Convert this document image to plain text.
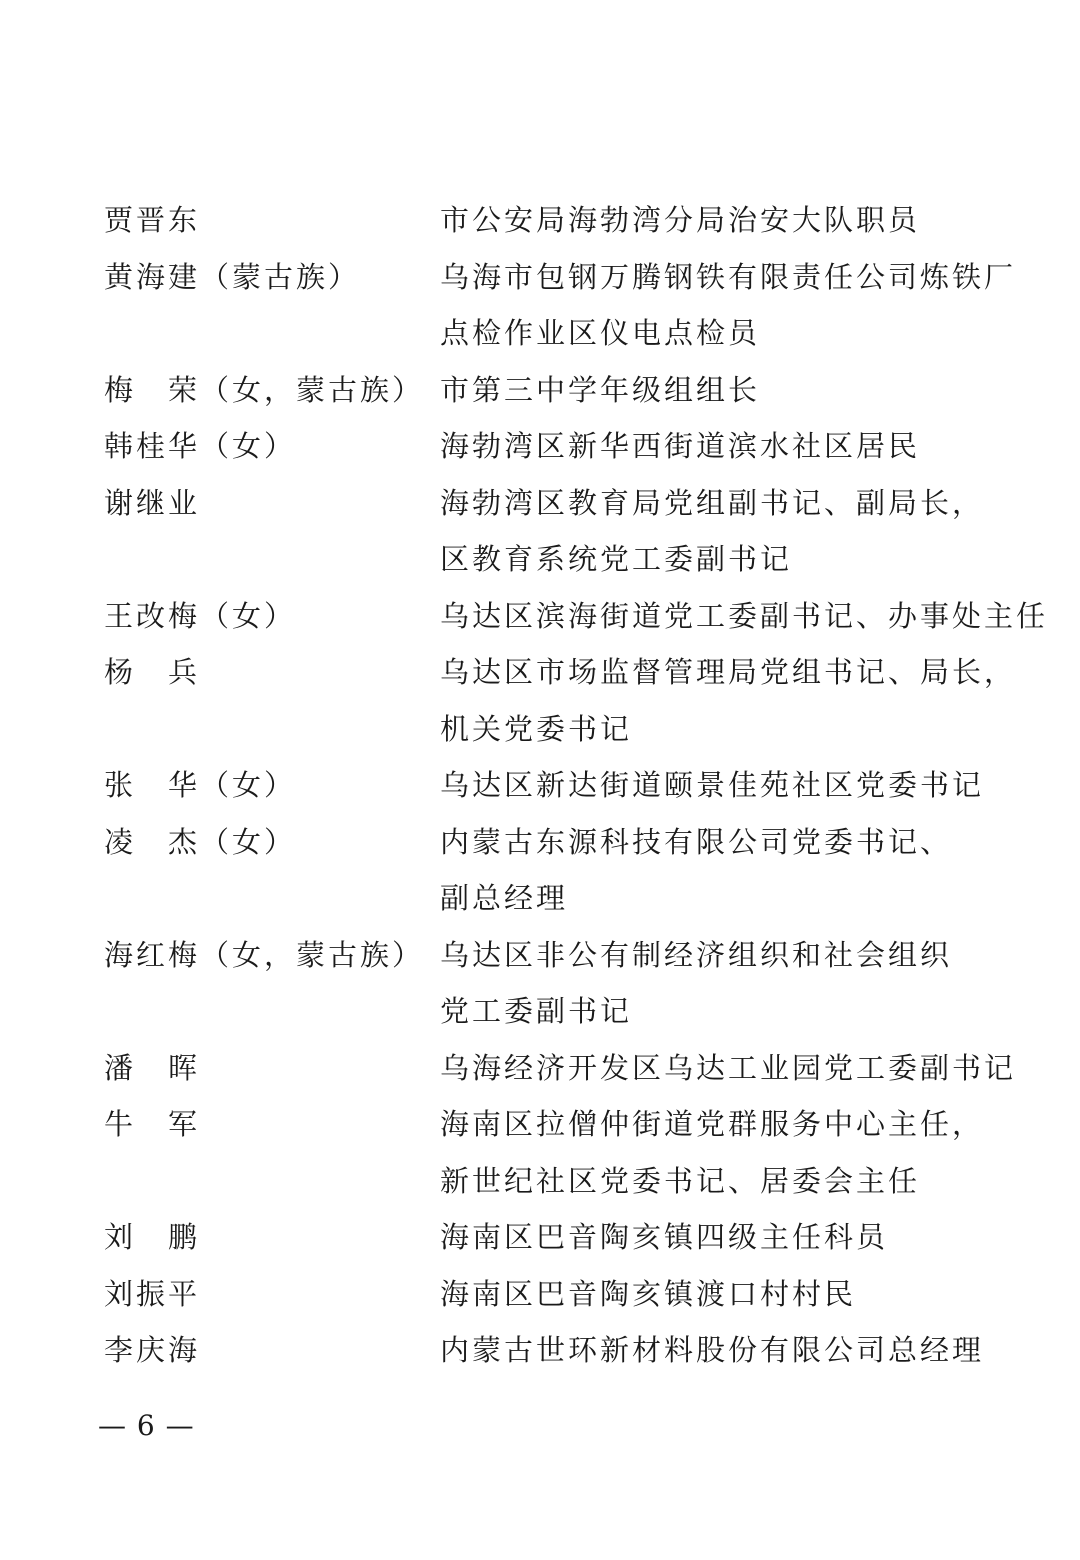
贾晋东	市公安局海勃湾分局治安大队职员
黄海建（蒙古族）	乌海市包钢万腾钢铁有限责任公司炼铁厂
点检作业区仪电点检员
梅　荣（女，蒙古族） 市第三中学年级组组长
韩桂华（女）	海勃湾区新华西街道滨水社区居民
谢继业	海勃湾区教育局党组副书记、副局长，
区教育系统党工委副书记
王改梅（女）	乌达区滨海街道党工委副书记、办事处主任
杨　兵	乌达区市场监督管理局党组书记、局长，
机关党委书记
张　华（女）	乌达区新达街道颐景佳苑社区党委书记
凌　杰（女）	内蒙古东源科技有限公司党委书记、
副总经理
海红梅（女，蒙古族） 乌达区非公有制经济组织和社会组织
党工委副书记
潘　晖	乌海经济开发区乌达工业园党工委副书记
牛　军	海南区拉僧仲街道党群服务中心主任，
新世纪社区党委书记、居委会主任
刘　鹏	海南区巴音陶亥镇四级主任科员
刘振平	海南区巴音陶亥镇渡口村村民
李庆海	内蒙古世环新材料股份有限公司总经理
— 6 —
